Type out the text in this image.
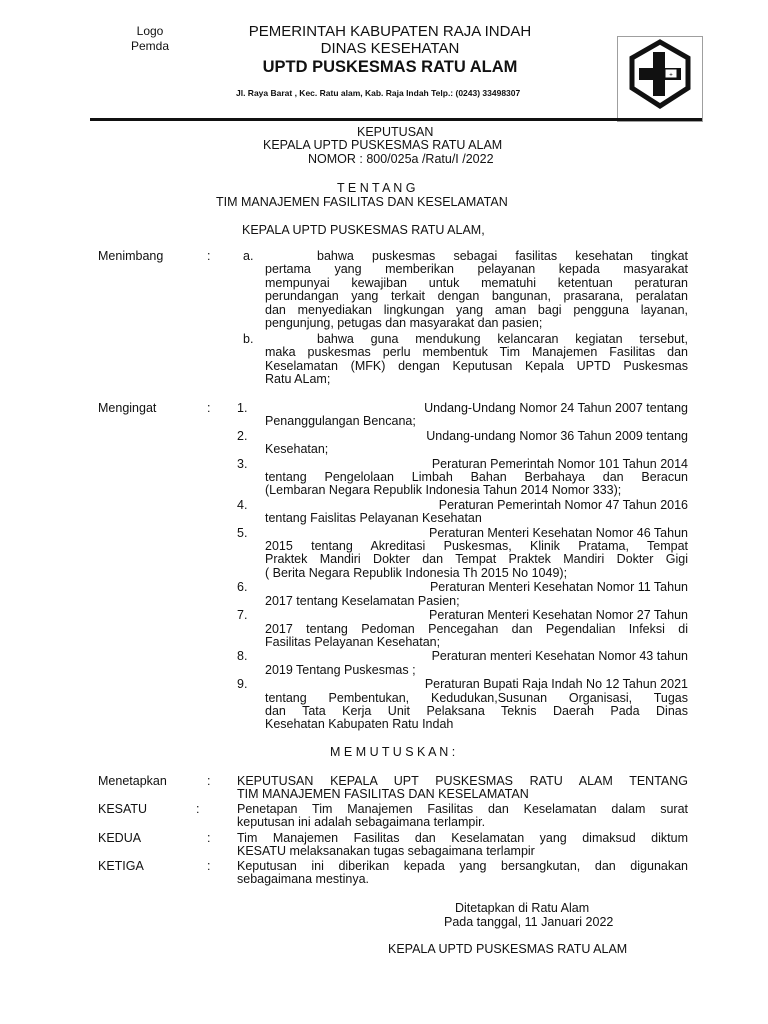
Logo
Pemda
PEMERINTAH KABUPATEN RAJA INDAH
DINAS KESEHATAN
UPTD PUSKESMAS RATU ALAM
Jl. Raya Barat , Kec. Ratu alam, Kab. Raja Indah Telp.: (0243) 33498307
+
KEPUTUSAN
KEPALA UPTD PUSKESMAS RATU ALAM
NOMOR : 800/025a /Ratu/I /2022
T E N T A N G
TIM MANAJEMEN FASILITAS DAN KESELAMATAN
KEPALA UPTD PUSKESMAS RATU ALAM,
Menimbang	:	a.	bahwa puskesmas sebagai fasilitas kesehatan tingkat
pertama yang memberikan pelayanan kepada masyarakat
mempunyai kewajiban untuk mematuhi ketentuan peraturan
perundangan yang terkait dengan bangunan, prasarana, peralatan
dan menyediakan lingkungan yang aman bagi pengguna layanan,
pengunjung, petugas dan masyarakat dan pasien;
b.	bahwa guna mendukung kelancaran kegiatan tersebut,
maka puskesmas perlu membentuk Tim Manajemen Fasilitas dan
Keselamatan (MFK) dengan Keputusan Kepala UPTD Puskesmas
Ratu ALam;
Mengingat	: 1.	Undang-Undang Nomor 24 Tahun 2007 tentang
Penanggulangan Bencana;
2.	Undang-undang Nomor 36 Tahun 2009 tentang
Kesehatan;
3.	Peraturan Pemerintah Nomor 101 Tahun 2014
tentang Pengelolaan Limbah Bahan Berbahaya dan Beracun
(Lembaran Negara Republik Indonesia Tahun 2014 Nomor 333);
4.	Peraturan Pemerintah Nomor 47 Tahun 2016
tentang Faislitas Pelayanan Kesehatan
5.	Peraturan Menteri Kesehatan Nomor 46 Tahun
2015 tentang Akreditasi Puskesmas, Klinik Pratama, Tempat
Praktek Mandiri Dokter dan Tempat Praktek Mandiri Dokter Gigi
( Berita Negara Republik Indonesia Th 2015 No 1049);
6.	Peraturan Menteri Kesehatan Nomor 11 Tahun
2017 tentang Keselamatan Pasien;
7.	Peraturan Menteri Kesehatan Nomor 27 Tahun
2017 tentang Pedoman Pencegahan dan Pegendalian Infeksi di
Fasilitas Pelayanan Kesehatan;
8.	Peraturan menteri Kesehatan Nomor 43 tahun
2019 Tentang Puskesmas ;
9.	Peraturan Bupati Raja Indah No 12 Tahun 2021
tentang Pembentukan, Kedudukan,Susunan Organisasi, Tugas
dan Tata Kerja Unit Pelaksana Teknis Daerah Pada Dinas
Kesehatan Kabupaten Ratu Indah
M E M U T U S K A N :
Menetapkan	: KEPUTUSAN KEPALA UPT PUSKESMAS RATU ALAM TENTANG
TIM MANAJEMEN FASILITAS DAN KESELAMATAN
KESATU	:	Penetapan Tim Manajemen Fasilitas dan Keselamatan dalam surat
keputusan ini adalah sebagaimana terlampir.
KEDUA	: Tim Manajemen Fasilitas dan Keselamatan yang dimaksud diktum
KESATU melaksanakan tugas sebagaimana terlampir
KETIGA	: Keputusan ini diberikan kepada yang bersangkutan, dan digunakan
sebagaimana mestinya.
Ditetapkan di Ratu Alam
Pada tanggal, 11 Januari 2022
KEPALA UPTD PUSKESMAS RATU ALAM
